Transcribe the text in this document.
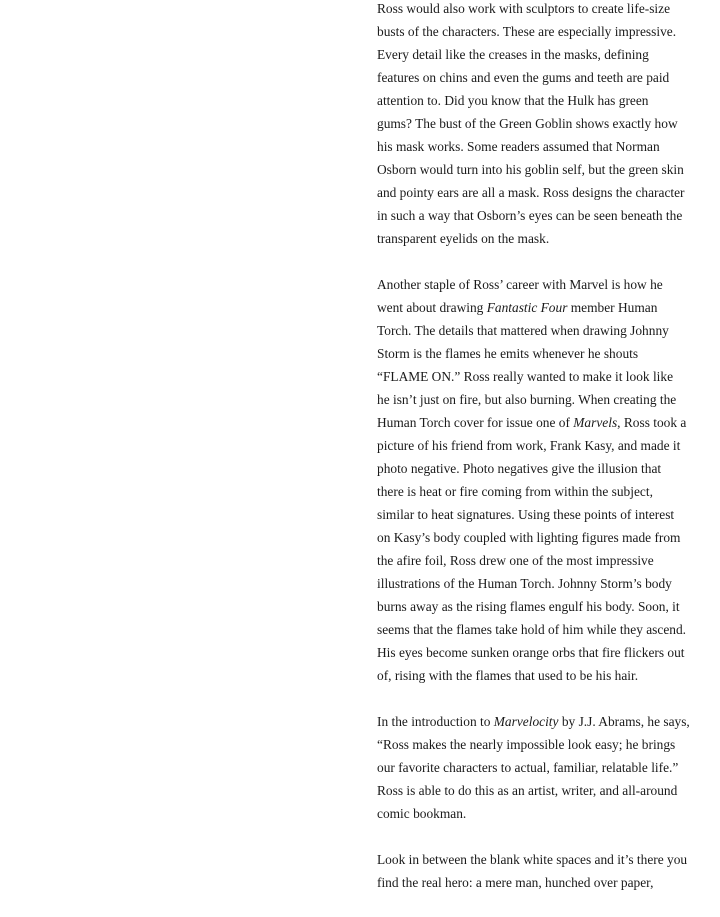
Ross would also work with sculptors to create life-size
busts of the characters. These are especially impressive.
Every detail like the creases in the masks, defining
features on chins and even the gums and teeth are paid
attention to. Did you know that the Hulk has green
gums? The bust of the Green Goblin shows exactly how
his mask works. Some readers assumed that Norman
Osborn would turn into his goblin self, but the green skin
and pointy ears are all a mask. Ross designs the character
in such a way that Osborn’s eyes can be seen beneath the
transparent eyelids on the mask.

Another staple of Ross’ career with Marvel is how he
went about drawing Fantastic Four member Human
Torch. The details that mattered when drawing Johnny
Storm is the flames he emits whenever he shouts
“FLAME ON.” Ross really wanted to make it look like
he isn’t just on fire, but also burning. When creating the
Human Torch cover for issue one of Marvels, Ross took a
picture of his friend from work, Frank Kasy, and made it
photo negative. Photo negatives give the illusion that
there is heat or fire coming from within the subject,
similar to heat signatures. Using these points of interest
on Kasy’s body coupled with lighting figures made from
the afire foil, Ross drew one of the most impressive
illustrations of the Human Torch. Johnny Storm’s body
burns away as the rising flames engulf his body. Soon, it
seems that the flames take hold of him while they ascend.
His eyes become sunken orange orbs that fire flickers out
of, rising with the flames that used to be his hair.

In the introduction to Marvelocity by J.J. Abrams, he says,
“Ross makes the nearly impossible look easy; he brings
our favorite characters to actual, familiar, relatable life.”
Ross is able to do this as an artist, writer, and all-around
comic bookman.

Look in between the blank white spaces and it’s there you
find the real hero: a mere man, hunched over paper,
